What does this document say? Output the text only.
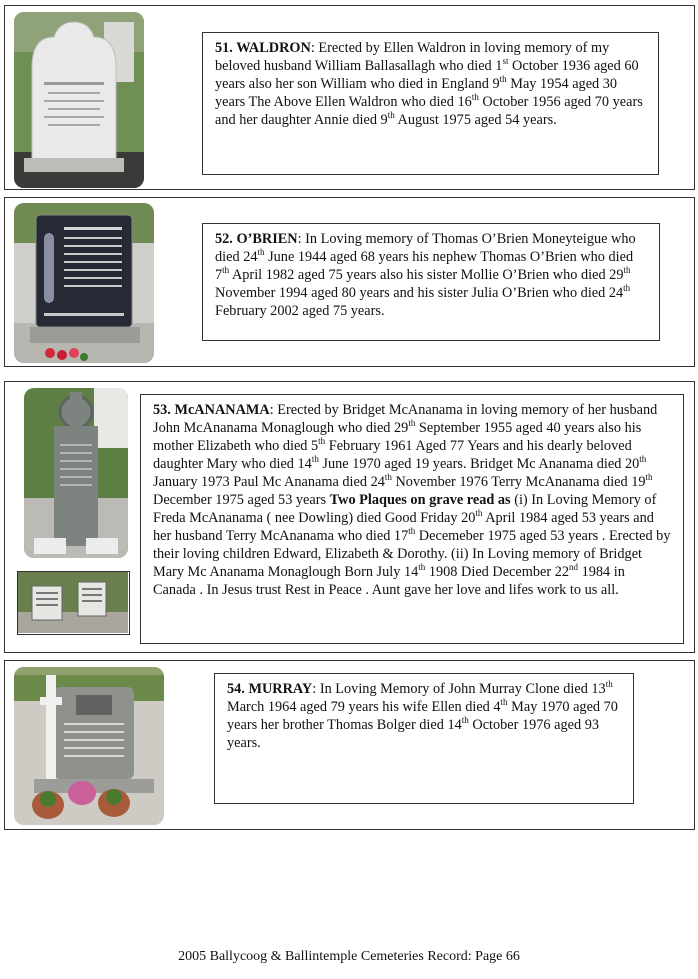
51. WALDRON: Erected by Ellen Waldron in loving memory of my beloved husband William Ballasallagh who died 1st October 1936 aged 60 years also her son William who died in England 9th May 1954 aged 30 years The Above Ellen Waldron who died 16th October 1956 aged 70 years and her daughter Annie died 9th August 1975 aged 54 years.
52. O’BRIEN: In Loving memory of Thomas O’Brien Moneyteigue who died 24th June 1944 aged 68 years his nephew Thomas O’Brien who died 7th April 1982 aged 75 years also his sister Mollie O’Brien who died 29th November 1994 aged 80 years and his sister Julia O’Brien who died 24th February 2002 aged 75 years.
53. McANANAMA: Erected by Bridget McAnanama in loving memory of her husband John McAnanama Monaglough who died 29th September 1955 aged 40 years also his mother Elizabeth who died 5th February 1961 Aged 77 Years and his dearly beloved daughter Mary who died 14th June 1970 aged 19 years. Bridget Mc Ananama died 20th January 1973 Paul Mc Ananama died 24th November 1976 Terry McAnanama died 19th December 1975 aged 53 years Two Plaques on grave read as (i) In Loving Memory of Freda McAnanama ( nee Dowling) died Good Friday 20th April 1984 aged 53 years and her husband Terry McAnanama who died 17th Decemeber 1975 aged 53 years . Erected by their loving children Edward, Elizabeth & Dorothy. (ii) In Loving memory of Bridget Mary Mc Ananama Monaglough Born July 14th 1908 Died December 22nd 1984 in Canada . In Jesus trust Rest in Peace . Aunt gave her love and lifes work to us all.
54. MURRAY: In Loving Memory of John Murray Clone died 13th March 1964 aged 79 years his wife Ellen died 4th May 1970 aged 70 years her brother Thomas Bolger died 14th October 1976 aged 93 years.
2005 Ballycoog & Ballintemple Cemeteries Record: Page 66
